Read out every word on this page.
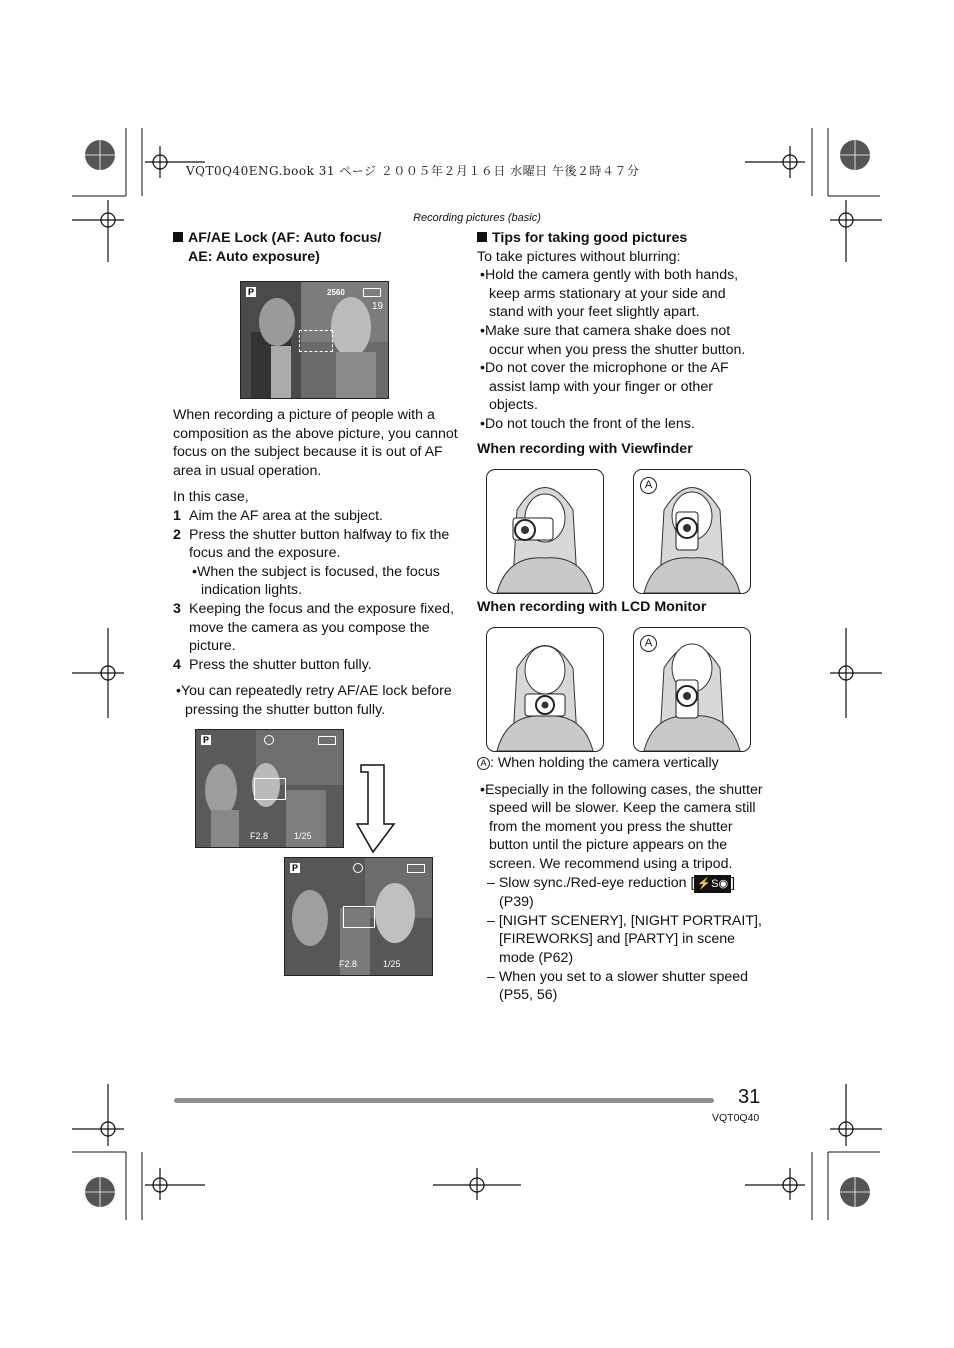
VQT0Q40ENG.book 31 ページ ２００５年２月１６日 水曜日 午後２時４７分
Recording pictures (basic)

AF/AE Lock (AF: Auto focus/

AE: Auto exposure)

P	2560
19

When recording a picture of people with a composition as the above picture, you cannot focus on the subject because it is out of AF area in usual operation.

In this case,

1 Aim the AF area at the subject.
2 Press the shutter button halfway to fix the focus and the exposure.
•When the subject is focused, the focus indication lights.
3 Keeping the focus and the exposure fixed, move the camera as you compose the picture.
4 Press the shutter button fully.
•You can repeatedly retry AF/AE lock before pressing the shutter button fully.
P
F2.8	1/25
P
F2.8	1/25

Tips for taking good pictures

To take pictures without blurring:

•Hold the camera gently with both hands, keep arms stationary at your side and stand with your feet slightly apart.
•Make sure that camera shake does not occur when you press the shutter button.
•Do not cover the microphone or the AF assist lamp with your finger or other objects.
•Do not touch the front of the lens.
When recording with Viewfinder
A
When recording with LCD Monitor
A

A : When holding the camera vertically

•Especially in the following cases, the shutter speed will be slower. Keep the camera still from the moment you press the shutter button until the picture appears on the screen. We recommend using a tripod.
– Slow sync./Red-eye reduction [ ⚡S◉ ] (P39)
– [NIGHT SCENERY], [NIGHT PORTRAIT], [FIREWORKS] and [PARTY] in scene mode (P62)
– When you set to a slower shutter speed (P55, 56)
31
VQT0Q40
